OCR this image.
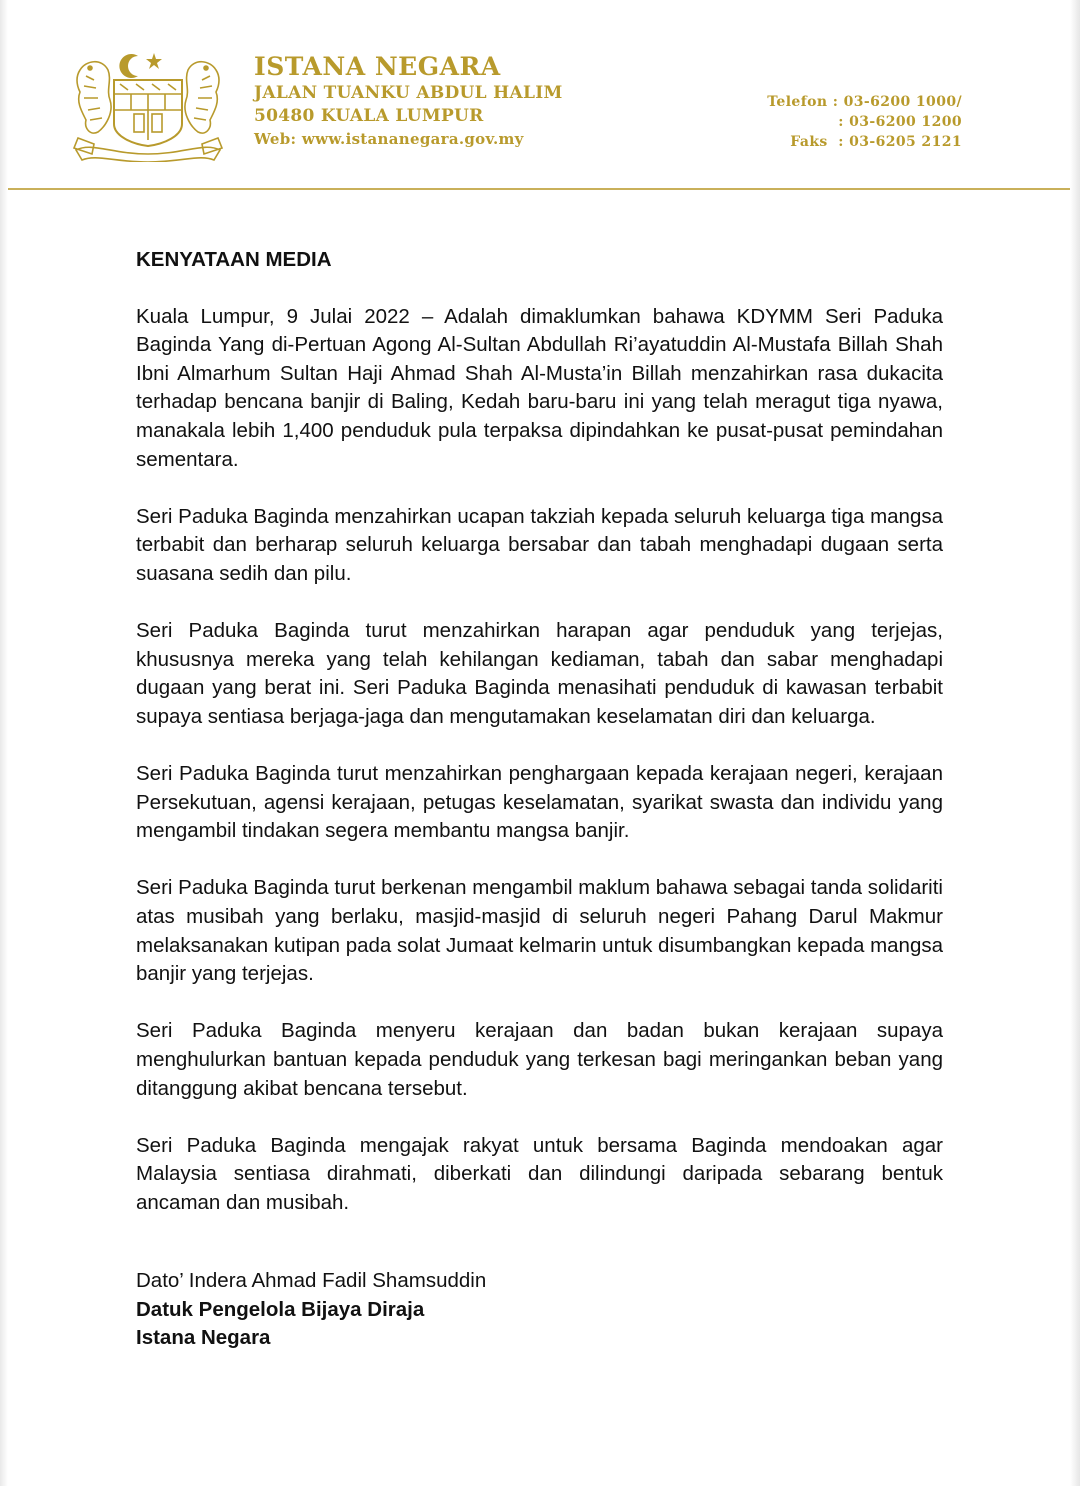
ISTANA NEGARA
JALAN TUANKU ABDUL HALIM
50480 KUALA LUMPUR
Web: www.istananegara.gov.my
Telefon : 03-6200 1000/
: 03-6200 1200
Faks  : 03-6205 2121
KENYATAAN MEDIA

Kuala Lumpur, 9 Julai 2022 – Adalah dimaklumkan bahawa KDYMM Seri Paduka Baginda Yang di-Pertuan Agong Al-Sultan Abdullah Ri’ayatuddin Al-Mustafa Billah Shah Ibni Almarhum Sultan Haji Ahmad Shah Al-Musta’in Billah menzahirkan rasa dukacita terhadap bencana banjir di Baling, Kedah baru-baru ini yang telah meragut tiga nyawa, manakala lebih 1,400 penduduk pula terpaksa dipindahkan ke pusat-pusat pemindahan sementara.

Seri Paduka Baginda menzahirkan ucapan takziah kepada seluruh keluarga tiga mangsa terbabit dan berharap seluruh keluarga bersabar dan tabah menghadapi dugaan serta suasana sedih dan pilu.

Seri Paduka Baginda turut menzahirkan harapan agar penduduk yang terjejas, khususnya mereka yang telah kehilangan kediaman, tabah dan sabar menghadapi dugaan yang berat ini. Seri Paduka Baginda menasihati penduduk di kawasan terbabit supaya sentiasa berjaga-jaga dan mengutamakan keselamatan diri dan keluarga.

Seri Paduka Baginda turut menzahirkan penghargaan kepada kerajaan negeri, kerajaan Persekutuan, agensi kerajaan, petugas keselamatan, syarikat swasta dan individu yang mengambil tindakan segera membantu mangsa banjir.

Seri Paduka Baginda turut berkenan mengambil maklum bahawa sebagai tanda solidariti atas musibah yang berlaku, masjid-masjid di seluruh negeri Pahang Darul Makmur melaksanakan kutipan pada solat Jumaat kelmarin untuk disumbangkan kepada mangsa banjir yang terjejas.

Seri Paduka Baginda menyeru kerajaan dan badan bukan kerajaan supaya menghulurkan bantuan kepada penduduk yang terkesan bagi meringankan beban yang ditanggung akibat bencana tersebut.

Seri Paduka Baginda mengajak rakyat untuk bersama Baginda mendoakan agar Malaysia sentiasa dirahmati, diberkati dan dilindungi daripada sebarang bentuk ancaman dan musibah.

Dato’ Indera Ahmad Fadil Shamsuddin
Datuk Pengelola Bijaya Diraja
Istana Negara
